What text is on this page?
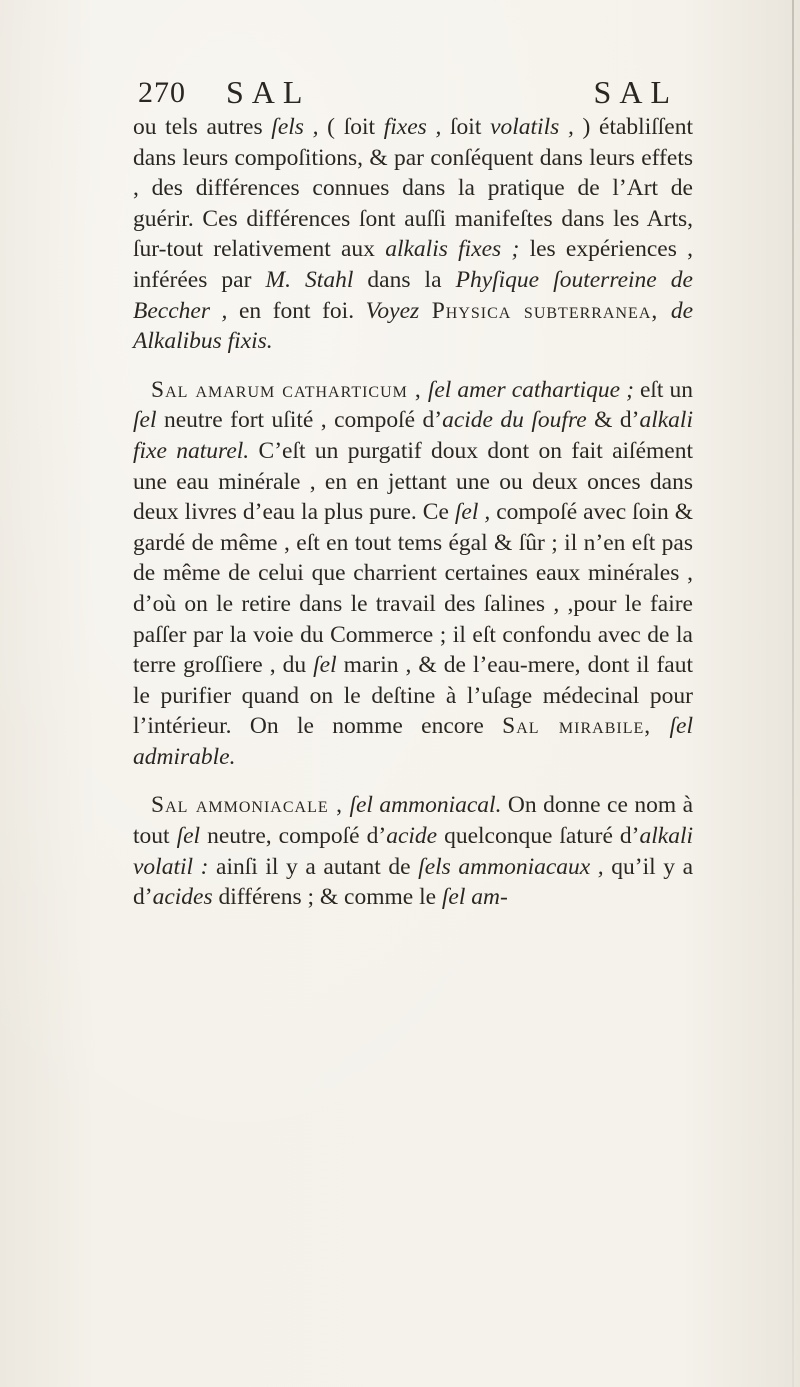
270 SAL	SAL

ou tels autres ſels , ( ſoit fixes , ſoit volatils , ) établiſſent dans leurs compoſitions, & par conſéquent dans leurs effets , des différences connues dans la pratique de l’Art de guérir. Ces différences ſont auſſi manifeſtes dans les Arts, ſur-tout relativement aux alkalis fixes ; les expériences , inférées par M. Stahl dans la Phyſique ſouterreine de Beccher , en font foi. Voyez Physica subterranea, de Alkalibus fixis.

Sal amarum catharticum , ſel amer cathartique ; eſt un ſel neutre fort uſité , compoſé d’acide du ſoufre & d’alkali fixe naturel. C’eſt un purgatif doux dont on fait aiſément une eau minérale , en en jettant une ou deux onces dans deux livres d’eau la plus pure. Ce ſel , compoſé avec ſoin & gardé de même , eſt en tout tems égal & ſûr ; il n’en eſt pas de même de celui que charrient certaines eaux minérales , d’où on le retire dans le travail des ſalines , ,pour le faire paſſer par la voie du Commerce ; il eſt confondu avec de la terre groſſiere , du ſel marin , & de l’eau-mere, dont il faut le purifier quand on le deſtine à l’uſage médecinal pour l’intérieur. On le nomme encore Sal mirabile, ſel admirable.

Sal ammoniacale , ſel ammoniacal. On donne ce nom à tout ſel neutre, compoſé d’acide quelconque ſaturé d’alkali volatil : ainſi il y a autant de ſels ammoniacaux , qu’il y a d’acides différens ; & comme le ſel am-
